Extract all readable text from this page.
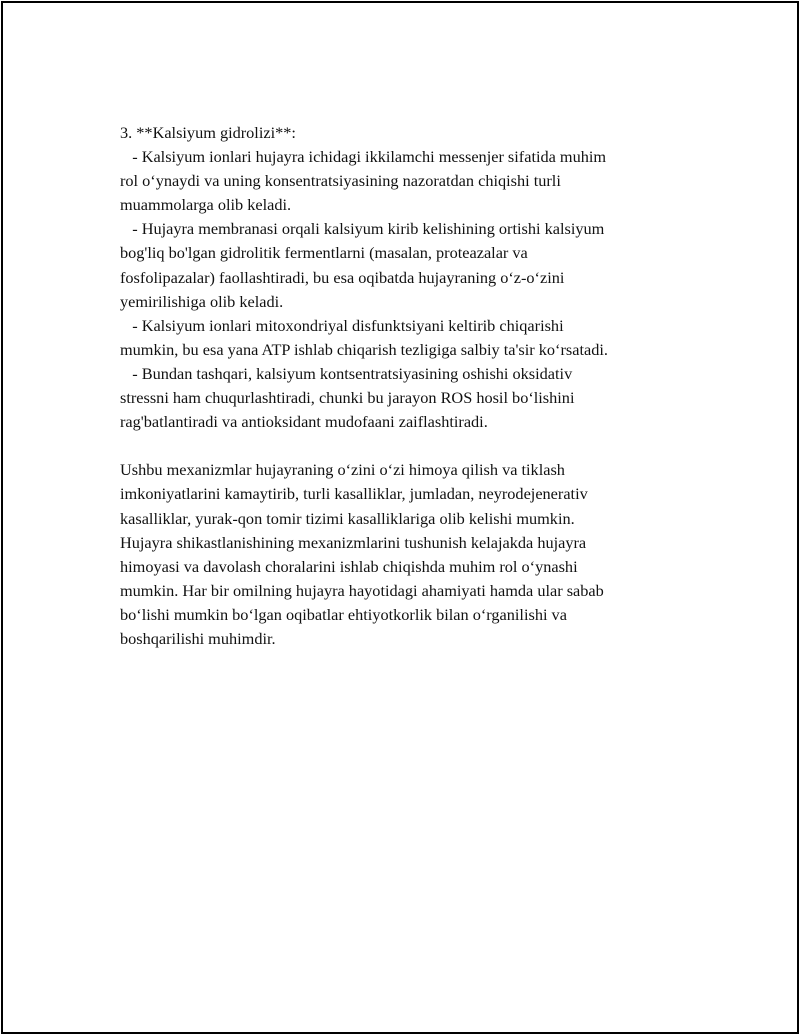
3. **Kalsiyum gidrolizi**:
- Kalsiyum ionlari hujayra ichidagi ikkilamchi messenjer sifatida muhim
rol o‘ynaydi va uning konsentratsiyasining nazoratdan chiqishi turli
muammolarga olib keladi.
- Hujayra membranasi orqali kalsiyum kirib kelishining ortishi kalsiyum
bog'liq bo'lgan gidrolitik fermentlarni (masalan, proteazalar va
fosfolipazalar) faollashtiradi, bu esa oqibatda hujayraning o‘z-o‘zini
yemirilishiga olib keladi.
- Kalsiyum ionlari mitoxondriyal disfunktsiyani keltirib chiqarishi
mumkin, bu esa yana ATP ishlab chiqarish tezligiga salbiy ta'sir ko‘rsatadi.
- Bundan tashqari, kalsiyum kontsentratsiyasining oshishi oksidativ
stressni ham chuqurlashtiradi, chunki bu jarayon ROS hosil bo‘lishini
rag'batlantiradi va antioksidant mudofaani zaiflashtiradi.
Ushbu mexanizmlar hujayraning o‘zini o‘zi himoya qilish va tiklash
imkoniyatlarini kamaytirib, turli kasalliklar, jumladan, neyrodejenerativ
kasalliklar, yurak-qon tomir tizimi kasalliklariga olib kelishi mumkin.
Hujayra shikastlanishining mexanizmlarini tushunish kelajakda hujayra
himoyasi va davolash choralarini ishlab chiqishda muhim rol o‘ynashi
mumkin. Har bir omilning hujayra hayotidagi ahamiyati hamda ular sabab
bo‘lishi mumkin bo‘lgan oqibatlar ehtiyotkorlik bilan o‘rganilishi va
boshqarilishi muhimdir.
